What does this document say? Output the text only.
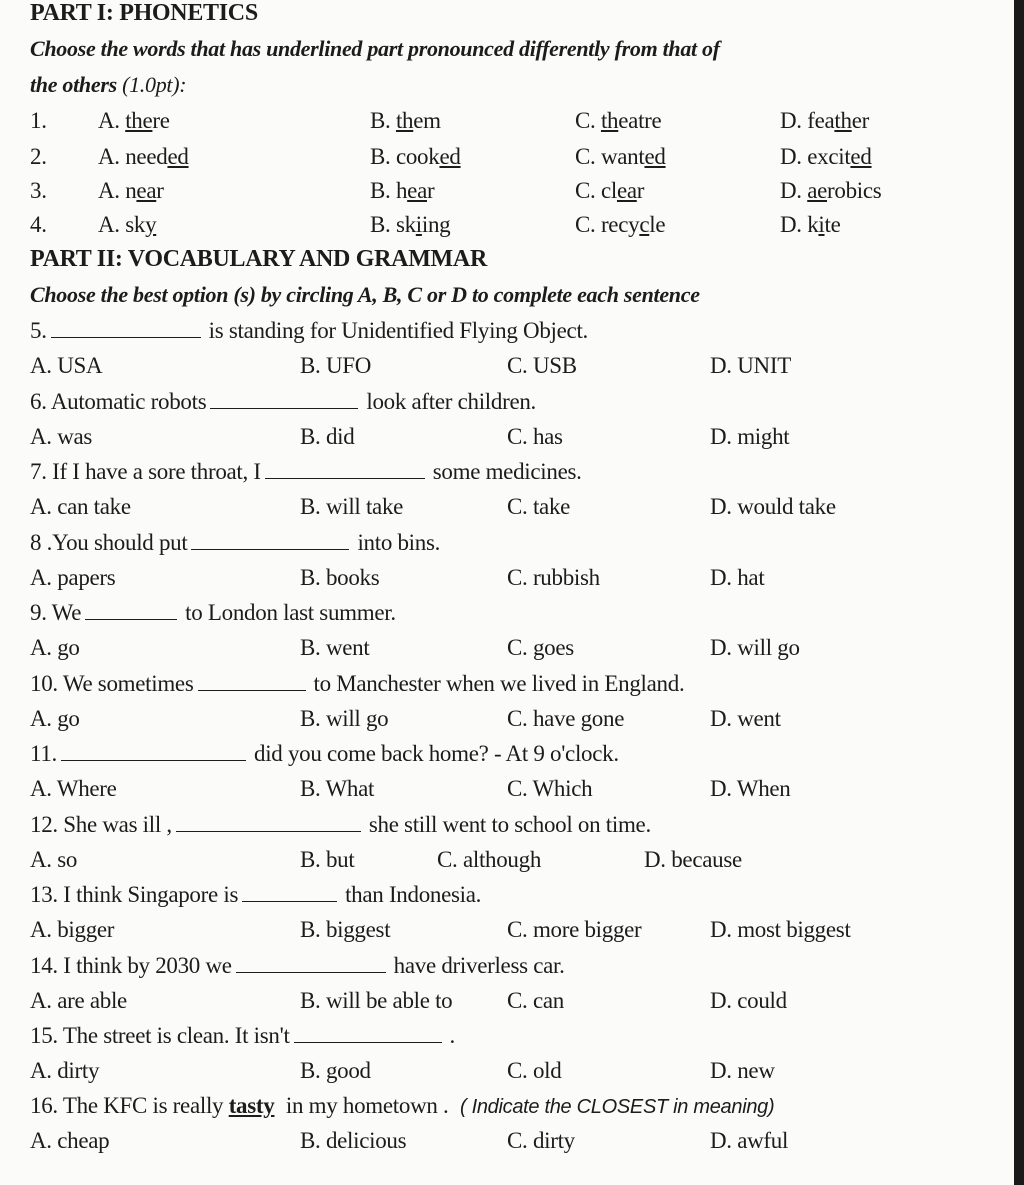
PART I: PHONETICS
Choose the words that has underlined part pronounced differently from that of
the others (1.0pt):
1. A. there	B. them	C. theatre	D. feather
2. A. needed	B. cooked	C. wanted	D. excited
3. A. near	B. hear	C. clear	D. aerobics
4. A. sky	B. skiing	C. recycle	D. kite
PART II: VOCABULARY AND GRAMMAR
Choose the best option (s) by circling A, B, C or D to complete each sentence
5.	is standing for Unidentified Flying Object.
A. USA	B. UFO	C. USB	D. UNIT
6. Automatic robots	look after children.
A. was	B. did	C. has	D. might
7. If I have a sore throat, I	some medicines.
A. can take	B. will take	C. take	D. would take
8 .You should put	into bins.
A. papers	B. books	C. rubbish	D. hat
9. We	to London last summer.
A. go	B. went	C. goes	D. will go
10. We sometimes	to Manchester when we lived in England.
A. go	B. will go	C. have gone	D. went
11.	did you come back home? - At 9 o'clock.
A. Where	B. What	C. Which	D. When
12. She was ill ,	she still went to school on time.
A. so	B. but	C. although	D. because
13. I think Singapore is	than Indonesia.
A. bigger	B. biggest	C. more bigger	D. most biggest
14. I think by 2030 we	have driverless car.
A. are able	B. will be able to C. can	D. could
15. The street is clean. It isn't	.
A. dirty	B. good	C. old	D. new
16. The KFC is really tasty in my hometown . ( Indicate the CLOSEST in meaning)
A. cheap	B. delicious	C. dirty	D. awful
